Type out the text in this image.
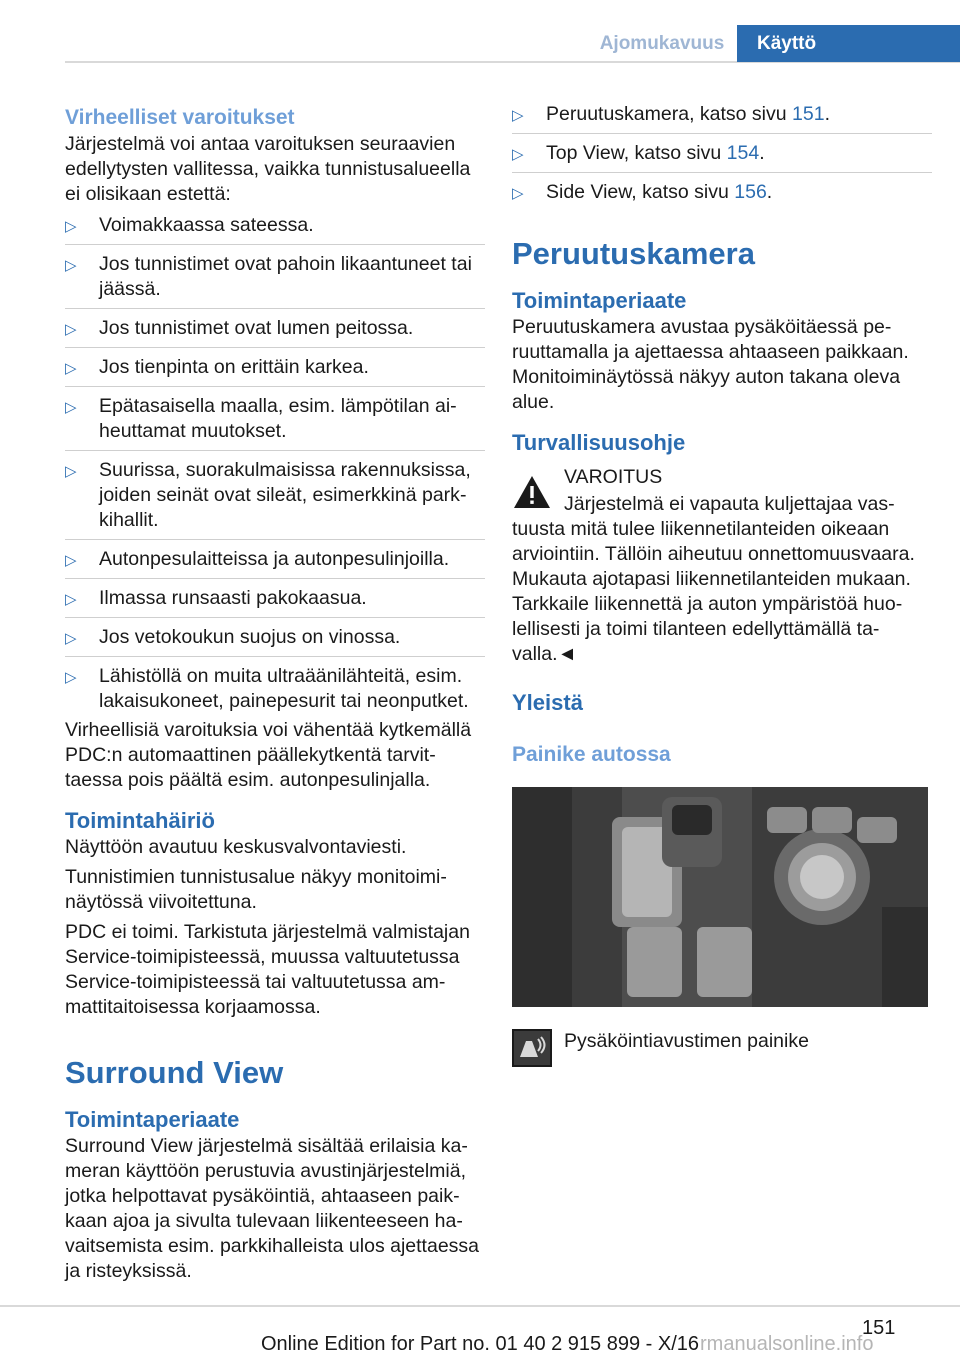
Ajomukavuus	Käyttö
Virheelliset varoitukset

Järjestelmä voi antaa varoituksen seuraavien edellytysten vallitessa, vaikka tunnistusalueella ei olisikaan estettä:

▷ Voimakkaassa sateessa.
▷ Jos tunnistimet ovat pahoin likaantuneet tai jäässä.
▷ Jos tunnistimet ovat lumen peitossa.
▷ Jos tienpinta on erittäin karkea.
▷ Epätasaisella maalla, esim. lämpötilan aiheuttamat muutokset.
▷ Suurissa, suorakulmaisissa rakennuksissa, joiden seinät ovat sileät, esimerkkinä parkkihallit.
▷ Autonpesulaitteissa ja autonpesulinjoilla.
▷ Ilmassa runsaasti pakokaasua.
▷ Jos vetokoukun suojus on vinossa.
▷ Lähistöllä on muita ultraäänilähteitä, esim. lakaisukoneet, painepesurit tai neonputket.

Virheellisiä varoituksia voi vähentää kytkemällä PDC:n automaattinen päällekytkentä tarvittaessa pois päältä esim. autonpesulinjalla.

Toimintahäiriö

Näyttöön avautuu keskusvalvontaviesti.

Tunnistimien tunnistusalue näkyy monitoiminäytössä viivoitettuna.

PDC ei toimi. Tarkistuta järjestelmä valmistajan Service-toimipisteessä, muussa valtuutetussa Service-toimipisteessä tai valtuutetussa ammattitaitoisessa korjaamossa.

Surround View
Toimintaperiaate

Surround View järjestelmä sisältää erilaisia kameran käyttöön perustuvia avustinjärjestelmiä, jotka helpottavat pysäköintiä, ahtaaseen paikkaan ajoa ja sivulta tulevaan liikenteeseen havaitsemista esim. parkkihalleista ulos ajettaessa ja risteyksissä.

▷ Peruutuskamera, katso sivu 151.
▷ Top View, katso sivu 154.
▷ Side View, katso sivu 156.
Peruutuskamera
Toimintaperiaate

Peruutuskamera avustaa pysäköitäessä peruuttamalla ja ajettaessa ahtaaseen paikkaan. Monitoiminäytössä näkyy auton takana oleva alue.

Turvallisuusohje
VAROITUS

Järjestelmä ei vapauta kuljettajaa vastuusta mitä tulee liikennetilanteiden oikeaan arviointiin. Tällöin aiheutuu onnettomuusvaara. Mukauta ajotapasi liikennetilanteiden mukaan. Tarkkaile liikennettä ja auton ympäristöä huolellisesti ja toimi tilanteen edellyttämällä tavalla.◄

Yleistä
Painike autossa
Pysäköintiavustimen painike
151
Online Edition for Part no. 01 40 2 915 899 - X/16 rmanualsonline.info
